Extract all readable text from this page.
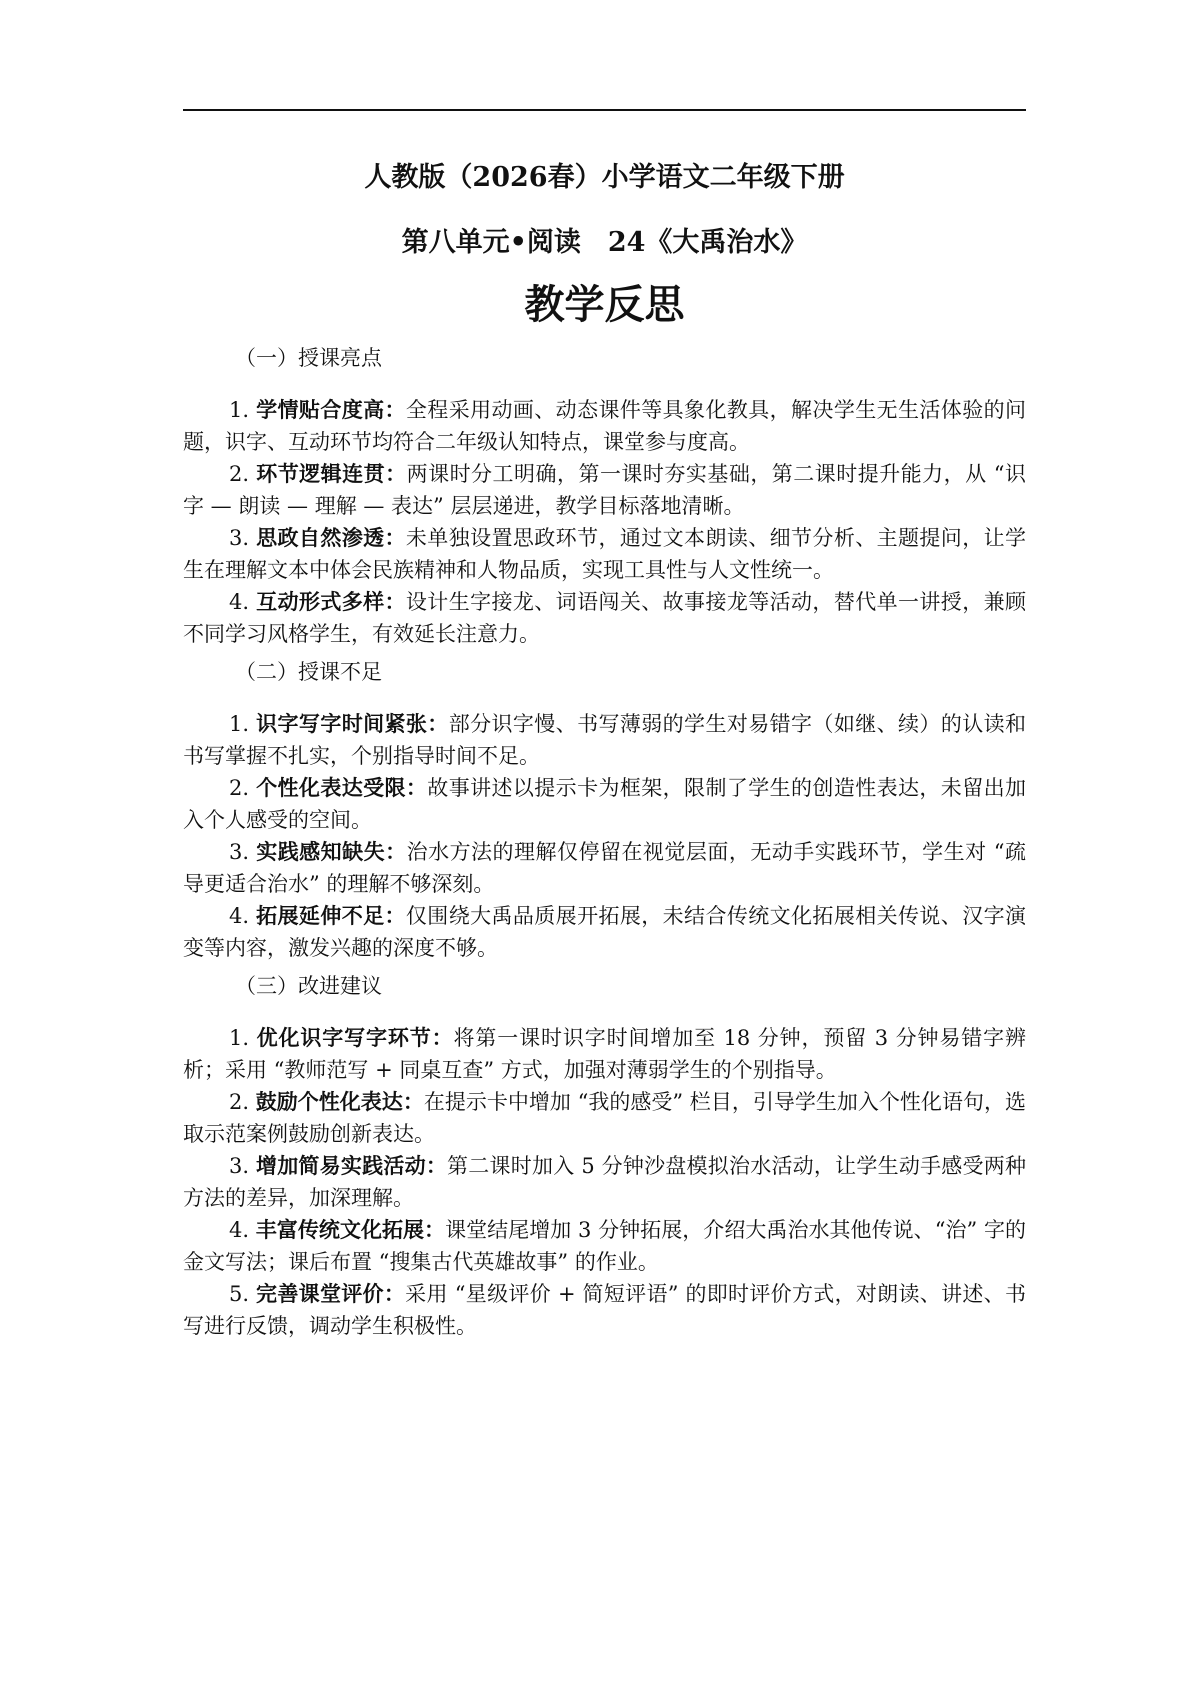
人教版（2026春）小学语文二年级下册
第八单元•阅读　24《大禹治水》
教学反思
（一）授课亮点

1. 学情贴合度高：全程采用动画、动态课件等具象化教具，解决学生无生活体验的问题，识字、互动环节均符合二年级认知特点，课堂参与度高。

2. 环节逻辑连贯：两课时分工明确，第一课时夯实基础，第二课时提升能力，从 “识字 — 朗读 — 理解 — 表达” 层层递进，教学目标落地清晰。

3. 思政自然渗透：未单独设置思政环节，通过文本朗读、细节分析、主题提问，让学生在理解文本中体会民族精神和人物品质，实现工具性与人文性统一。

4. 互动形式多样：设计生字接龙、词语闯关、故事接龙等活动，替代单一讲授，兼顾不同学习风格学生，有效延长注意力。

（二）授课不足

1. 识字写字时间紧张：部分识字慢、书写薄弱的学生对易错字（如继、续）的认读和书写掌握不扎实，个别指导时间不足。

2. 个性化表达受限：故事讲述以提示卡为框架，限制了学生的创造性表达，未留出加入个人感受的空间。

3. 实践感知缺失：治水方法的理解仅停留在视觉层面，无动手实践环节，学生对 “疏导更适合治水” 的理解不够深刻。

4. 拓展延伸不足：仅围绕大禹品质展开拓展，未结合传统文化拓展相关传说、汉字演变等内容，激发兴趣的深度不够。

（三）改进建议

1. 优化识字写字环节：将第一课时识字时间增加至 18 分钟，预留 3 分钟易错字辨析；采用 “教师范写 + 同桌互查” 方式，加强对薄弱学生的个别指导。

2. 鼓励个性化表达：在提示卡中增加 “我的感受” 栏目，引导学生加入个性化语句，选取示范案例鼓励创新表达。

3. 增加简易实践活动：第二课时加入 5 分钟沙盘模拟治水活动，让学生动手感受两种方法的差异，加深理解。

4. 丰富传统文化拓展：课堂结尾增加 3 分钟拓展，介绍大禹治水其他传说、“治” 字的金文写法；课后布置 “搜集古代英雄故事” 的作业。

5. 完善课堂评价：采用 “星级评价 + 简短评语” 的即时评价方式，对朗读、讲述、书写进行反馈，调动学生积极性。
